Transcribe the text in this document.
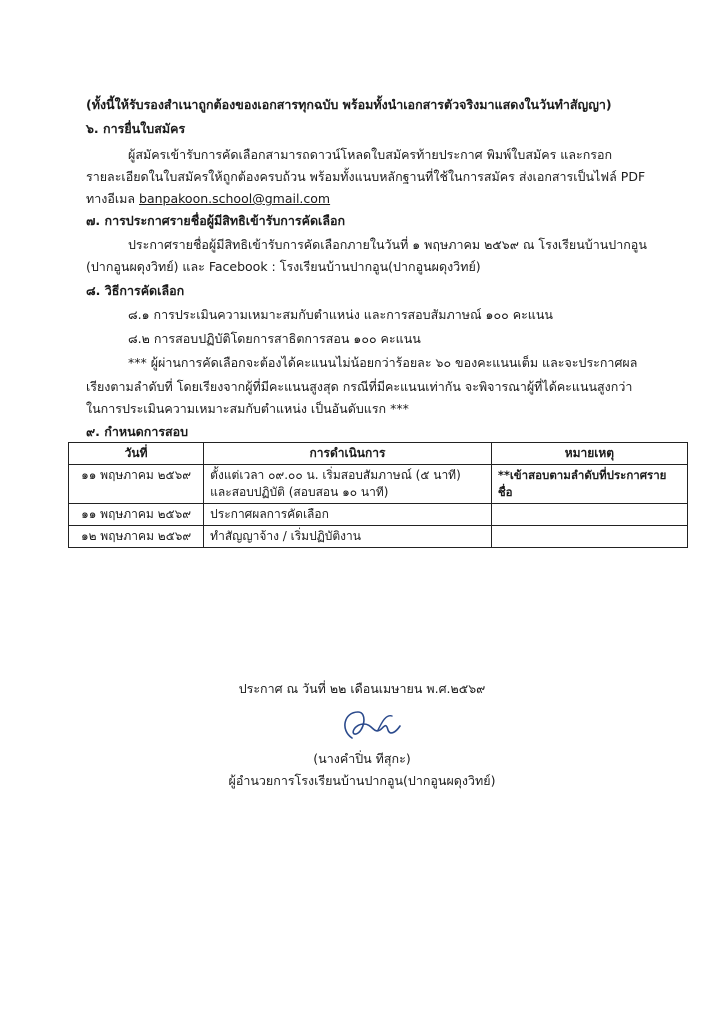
(ทั้งนี้ให้รับรองสำเนาถูกต้องของเอกสารทุกฉบับ พร้อมทั้งนำเอกสารตัวจริงมาแสดงในวันทำสัญญา)
๖. การยื่นใบสมัคร
ผู้สมัครเข้ารับการคัดเลือกสามารถดาวน์โหลดใบสมัครท้ายประกาศ พิมพ์ใบสมัคร และกรอก
รายละเอียดในใบสมัครให้ถูกต้องครบถ้วน พร้อมทั้งแนบหลักฐานที่ใช้ในการสมัคร ส่งเอกสารเป็นไฟล์ PDF
ทางอีเมล banpakoon.school@gmail.com
๗. การประกาศรายชื่อผู้มีสิทธิเข้ารับการคัดเลือก
ประกาศรายชื่อผู้มีสิทธิเข้ารับการคัดเลือกภายในวันที่ ๑ พฤษภาคม ๒๕๖๙ ณ โรงเรียนบ้านปากอูน
(ปากอูนผดุงวิทย์) และ Facebook : โรงเรียนบ้านปากอูน(ปากอูนผดุงวิทย์)
๘. วิธีการคัดเลือก
๘.๑ การประเมินความเหมาะสมกับตำแหน่ง และการสอบสัมภาษณ์ ๑๐๐ คะแนน
๘.๒ การสอบปฏิบัติโดยการสาธิตการสอน ๑๐๐ คะแนน
*** ผู้ผ่านการคัดเลือกจะต้องได้คะแนนไม่น้อยกว่าร้อยละ ๖๐ ของคะแนนเต็ม และจะประกาศผล
เรียงตามลำดับที่ โดยเรียงจากผู้ที่มีคะแนนสูงสุด กรณีที่มีคะแนนเท่ากัน จะพิจารณาผู้ที่ได้คะแนนสูงกว่า
ในการประเมินความเหมาะสมกับตำแหน่ง เป็นอันดับแรก ***
๙. กำหนดการสอบ
วันที่	การดำเนินการ	หมายเหตุ
๑๑ พฤษภาคม ๒๕๖๙	ตั้งแต่เวลา ๐๙.๐๐ น. เริ่มสอบสัมภาษณ์ (๕ นาที)
และสอบปฏิบัติ (สอบสอน ๑๐ นาที)	**เข้าสอบตามลำดับที่ประกาศรายชื่อ
๑๑ พฤษภาคม ๒๕๖๙	ประกาศผลการคัดเลือก	
๑๒ พฤษภาคม ๒๕๖๙	ทำสัญญาจ้าง / เริ่มปฏิบัติงาน	
ประกาศ ณ วันที่ ๒๒ เดือนเมษายน พ.ศ.๒๕๖๙
(นางคำปิ่น ทีสุกะ)
ผู้อำนวยการโรงเรียนบ้านปากอูน(ปากอูนผดุงวิทย์)
